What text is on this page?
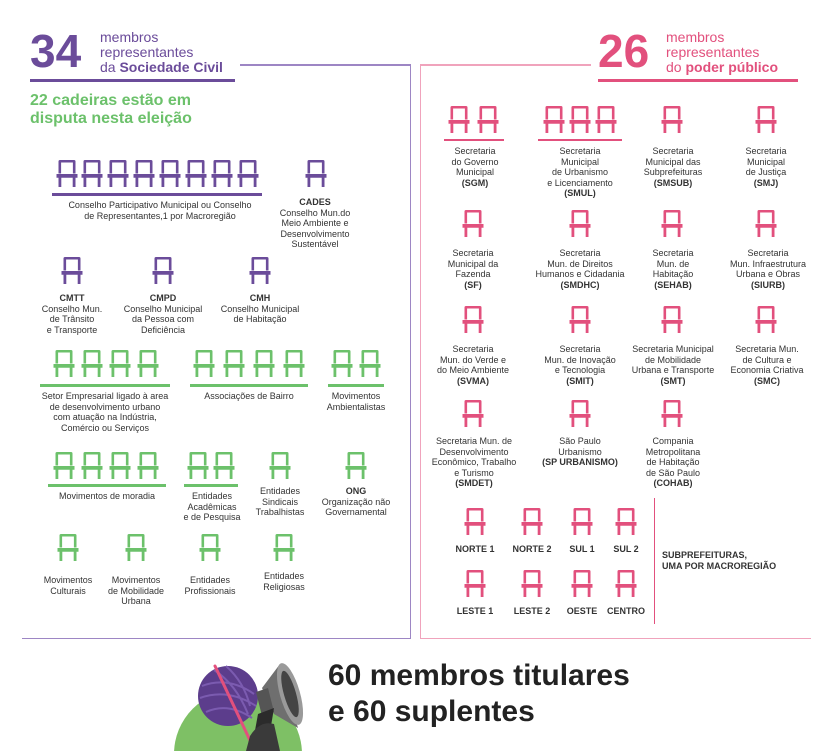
34 membros
representantes
da Sociedade Civil
22 cadeiras estão em
disputa nesta eleição
Conselho Participativo Municipal ou Conselho
de Representantes,1 por Macroregião
CADES
Conselho Mun.do
Meio Ambiente e
Desenvolvimento
Sustentável
CMTT
Conselho Mun.
de Trânsito
e Transporte
CMPD
Conselho Municipal
da Pessoa com
Deficiência
CMH
Conselho Municipal
de Habitação
Setor Empresarial ligado à area
de desenvolvimento urbano
com atuação na Indústria,
Comércio ou Serviços
Associações de Bairro	Movimentos
Ambientalistas
Movimentos de moradia	Entidades
Acadêmicas
e de Pesquisa
Entidades
Sindicais
Trabalhistas
ONG
Organização não
Governamental
Movimentos
Culturais
Movimentos
de Mobilidade
Urbana
Entidades
Profissionais
Entidades
Religiosas
26 membros
representantes
do poder público
Secretaria
do Governo
Municipal
(SGM)
Secretaria
Municipal
de Urbanismo
e Licenciamento
(SMUL)
Secretaria
Municipal das
Subprefeituras
(SMSUB)
Secretaria
Municipal
de Justiça
(SMJ)
Secretaria
Municipal da
Fazenda
(SF)
Secretaria
Mun. de Direitos
Humanos e Cidadania
(SMDHC)
Secretaria
Mun. de
Habitação
(SEHAB)
Secretaria
Mun. Infraestrutura
Urbana e Obras
(SIURB)
Secretaria
Mun. do Verde e
do Meio Ambiente
(SVMA)
Secretaria
Mun. de Inovação
e Tecnologia
(SMIT)
Secretaria Municipal
de Mobilidade
Urbana e Transporte
(SMT)
Secretaria Mun.
de Cultura e
Economia Criativa
(SMC)
Secretaria Mun. de
Desenvolvimento
Econômico, Trabalho
e Turismo
(SMDET)
São Paulo
Urbanismo
(SP URBANISMO)
Compania
Metropolitana
de Habitação
de São Paulo
(COHAB)
NORTE 1	NORTE 2	SUL 1	SUL 2
LESTE 1	LESTE 2	OESTE	CENTRO
SUBPREFEITURAS,
UMA POR MACROREGIÃO
60 membros titulares
e 60 suplentes
